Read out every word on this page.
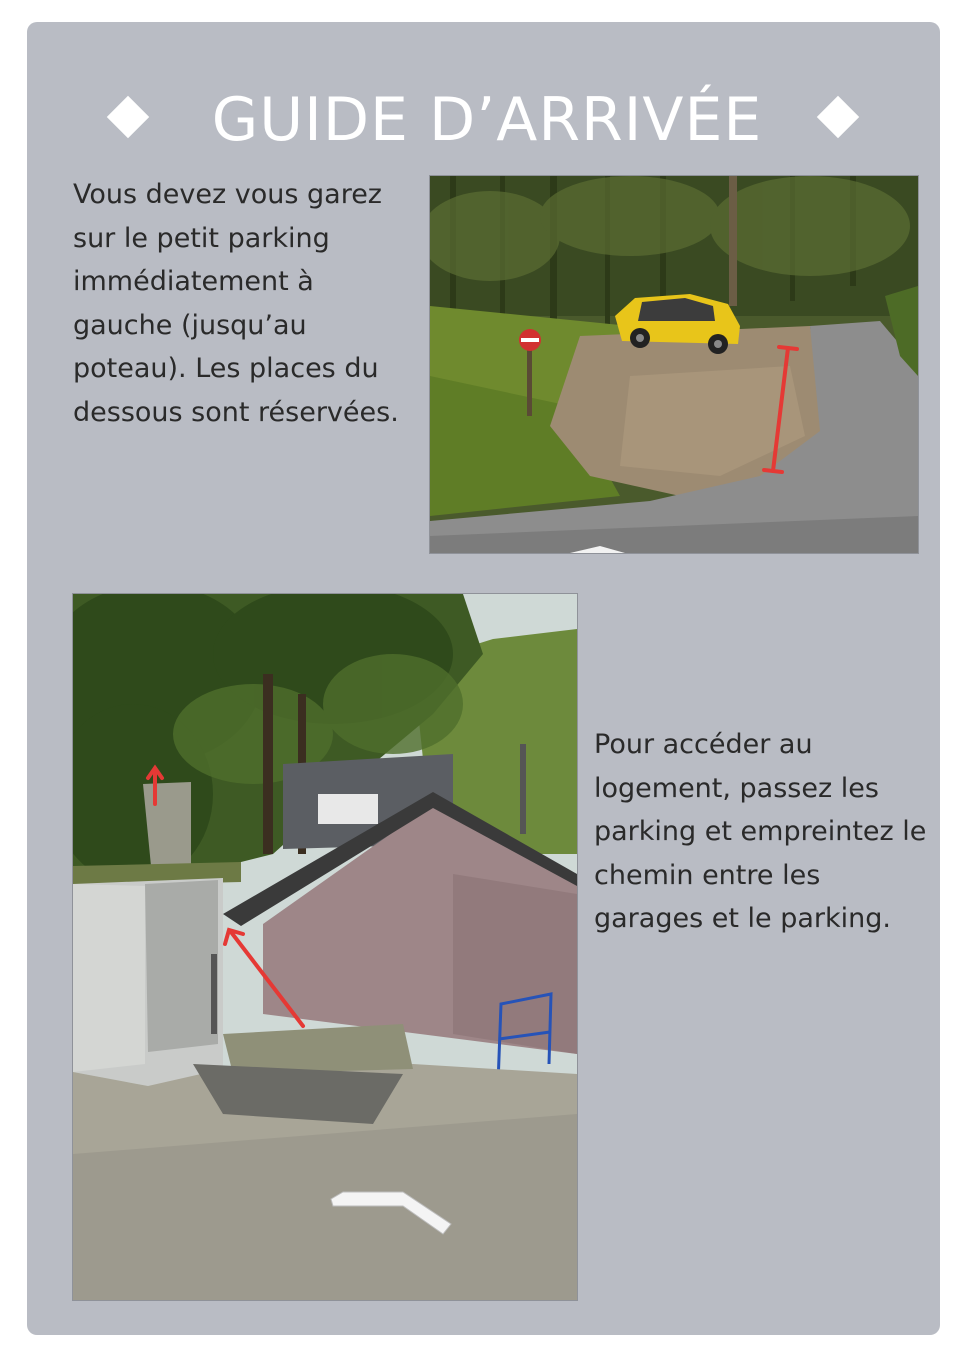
GUIDE D’ARRIVÉE

Vous devez vous garez sur le petit parking immédiatement à gauche (jusqu’au poteau). Les places du dessous sont réservées.

Pour accéder au logement, passez les parking et empreintez le chemin entre les garages et le parking.
